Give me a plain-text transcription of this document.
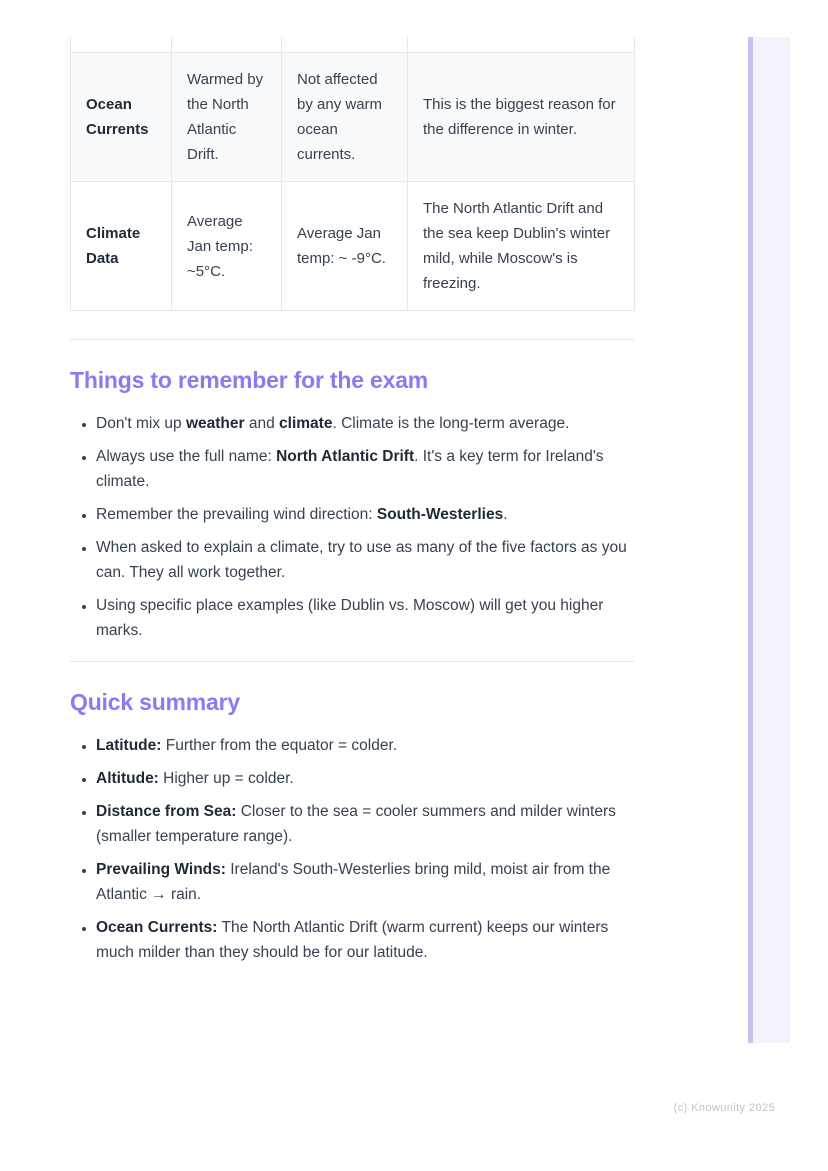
Ocean Currents	Warmed by the North Atlantic Drift.	Not affected by any warm ocean currents.	This is the biggest reason for the difference in winter.
Climate Data	Average Jan temp: ~5°C.	Average Jan temp: ~ -9°C.	The North Atlantic Drift and the sea keep Dublin's winter mild, while Moscow's is freezing.
Things to remember for the exam
• Don't mix up weather and climate. Climate is the long-term average.
• Always use the full name: North Atlantic Drift. It's a key term for Ireland's climate.
• Remember the prevailing wind direction: South-Westerlies.
• When asked to explain a climate, try to use as many of the five factors as you can. They all work together.
• Using specific place examples (like Dublin vs. Moscow) will get you higher marks.
Quick summary
• Latitude: Further from the equator = colder.
• Altitude: Higher up = colder.
• Distance from Sea: Closer to the sea = cooler summers and milder winters (smaller temperature range).
• Prevailing Winds: Ireland's South-Westerlies bring mild, moist air from the Atlantic → rain.
• Ocean Currents: The North Atlantic Drift (warm current) keeps our winters much milder than they should be for our latitude.
(c) Knowunity 2025
